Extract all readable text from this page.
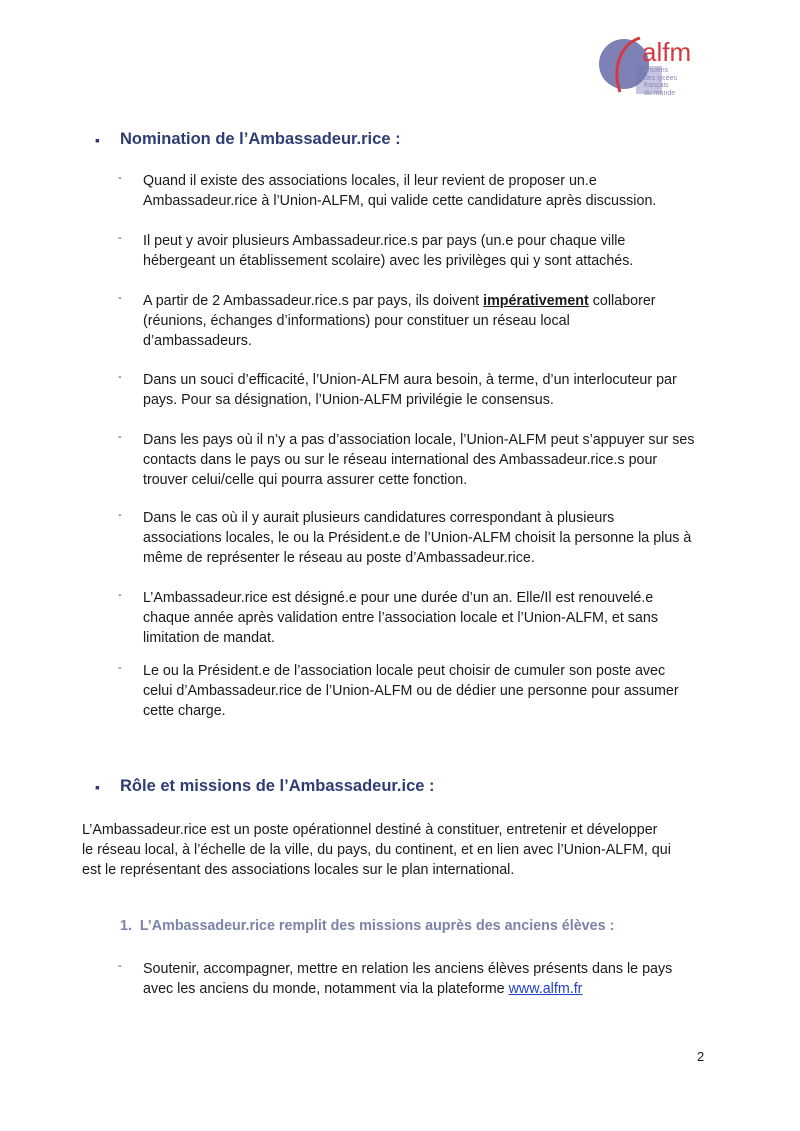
alfm
anciens
des lycées
français
du monde
▪ Nomination de l’Ambassadeur.rice :
- Quand il existe des associations locales, il leur revient de proposer un.e
Ambassadeur.rice à l’Union-ALFM, qui valide cette candidature après discussion.
- Il peut y avoir plusieurs Ambassadeur.rice.s par pays (un.e pour chaque ville
hébergeant un établissement scolaire) avec les privilèges qui y sont attachés.
- A partir de 2 Ambassadeur.rice.s par pays, ils doivent impérativement collaborer
(réunions, échanges d’informations) pour constituer un réseau local
d’ambassadeurs.
- Dans un souci d’efficacité, l’Union-ALFM aura besoin, à terme, d’un interlocuteur par
pays. Pour sa désignation, l’Union-ALFM privilégie le consensus.
- Dans les pays où il n’y a pas d’association locale, l’Union-ALFM peut s’appuyer sur ses
contacts dans le pays ou sur le réseau international des Ambassadeur.rice.s pour
trouver celui/celle qui pourra assurer cette fonction.
- Dans le cas où il y aurait plusieurs candidatures correspondant à plusieurs
associations locales, le ou la Président.e de l’Union-ALFM choisit la personne la plus à
même de représenter le réseau au poste d’Ambassadeur.rice.
- L’Ambassadeur.rice est désigné.e pour une durée d’un an. Elle/Il est renouvelé.e
chaque année après validation entre l’association locale et l’Union-ALFM, et sans
limitation de mandat.
- Le ou la Président.e de l’association locale peut choisir de cumuler son poste avec
celui d’Ambassadeur.rice de l’Union-ALFM ou de dédier une personne pour assumer
cette charge.
▪ Rôle et missions de l’Ambassadeur.ice :
L’Ambassadeur.rice est un poste opérationnel destiné à constituer, entretenir et développer
le réseau local, à l’échelle de la ville, du pays, du continent, et en lien avec l’Union-ALFM, qui
est le représentant des associations locales sur le plan international.
1.  L’Ambassadeur.rice remplit des missions auprès des anciens élèves :
- Soutenir, accompagner, mettre en relation les anciens élèves présents dans le pays
avec les anciens du monde, notamment via la plateforme www.alfm.fr
2
